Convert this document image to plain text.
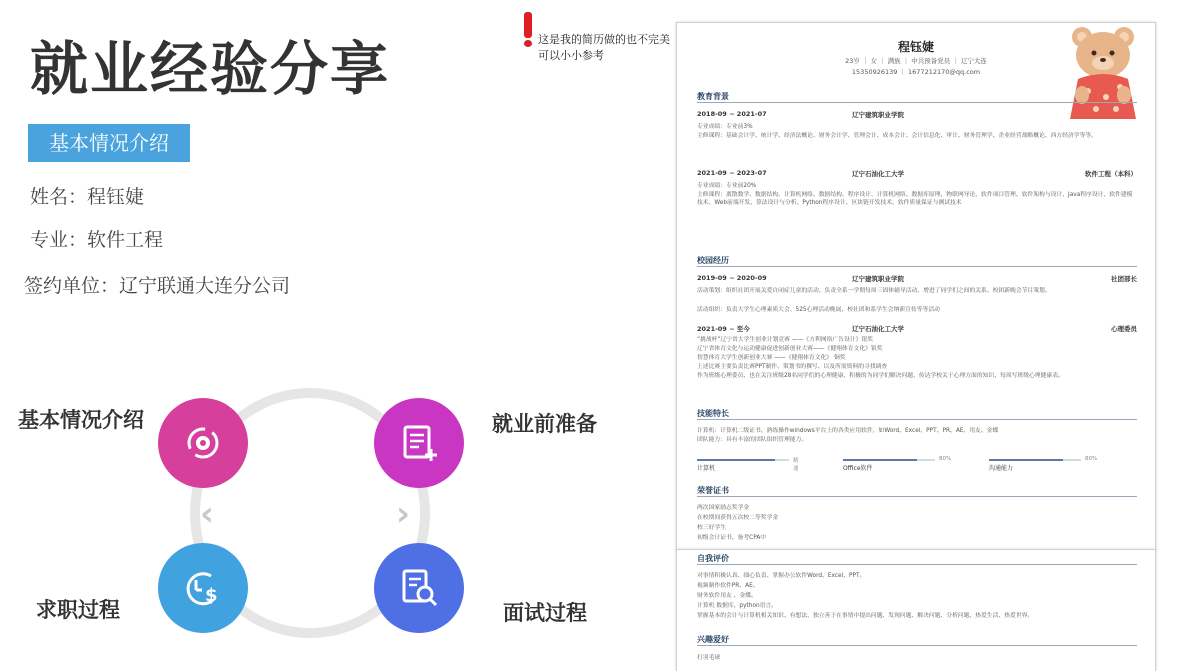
就业经验分享
基本情况介绍
姓名：程钰婕
专业：软件工程
签约单位：辽宁联通大连分公司
$
基本情况介绍	就业前准备
求职过程	面试过程
‹	›
这是我的简历做的也不完美可以小小参考
程钰婕
23岁 ｜ 女 ｜ 满族 ｜ 中共预备党员 ｜ 辽宁大连
15350926139 ｜ 1677212170@qq.com
教育背景
2018-09 ~ 2021-07	辽宁建筑职业学院
专业成绩：专业前3%
主修课程：基础会计学、统计学、经济法概论、财务会计学、管理会计、成本会计、会计信息化、审计、财务管理学、企业经营战略概论、西方经济学等等。
2021-09 ~ 2023-07	辽宁石油化工大学	软件工程（本科）
专业成绩：专业前20%
主修课程：离散数学、数据结构、计算机网络、数据结构、程序设计、计算机网络、数据库原理、物联网导论、软件项目管理、软件架构与设计、Java程序设计、软件建模技术、Web前端开发、算法设计与分析、Python程序设计、区块链开发技术、软件质量保证与测试技术
校园经历
2019-09 ~ 2020-09	辽宁建筑职业学院	社团部长
活动策划：组织社团开展关爱自闭症儿童的活动、负责全系一学期每周三固体辅导活动、增进了同学们之间的关系、校团新晚会节目策划。
活动组织：负责大学生心理素质大会、525心理活动晚展、校社团和系学生会纳新宣传等等活动
2021-09 ~ 至今	辽宁石油化工大学	心理委员
“挑战杯”辽宁省大学生创业计划竞赛 ——《方利网络广告设计》银奖
辽宁省体育文化与运动健康促进创新创业大赛——《健翔体育文化》银奖
智慧体育大学生创新创业大赛 ——《健翔体育文化》 铜奖
上述比赛主要负责比赛PPT制作、策划书的撰写、以及所需资料的寻找调查
作为班级心理委员、也在关注班级28名同学们的心理健康、积极的为同学们解决问题、传达学校关于心理方面的知识、每周写班级心理健康表。
技能特长
计算机：计算机二级证书、熟练操作windows平台上的各类应用软件，如Word、Excel、PPT、PR、AE、用友、金蝶
团队能力：具有丰富的团队组织管理能力。
精通
计算机
80%
Office软件
80%
沟通能力
荣誉证书
两次国家励志奖学金
在校期间获得五次校二等奖学金
校三好学生
初级会计证书，备考CPA中
自我评价
对事情积极认真、细心负责、掌握办公软件Word、Excel、PPT。
视频制作软件PR、AE。
财务软件用友 、金蝶。
计算机 数据库、python语言。
掌握基本的会计与计算机相关知识、有想法、独立善于在事情中提出问题、发现问题、解决问题、分析问题、热爱生活、热爱世界。
兴趣爱好
打羽毛球
